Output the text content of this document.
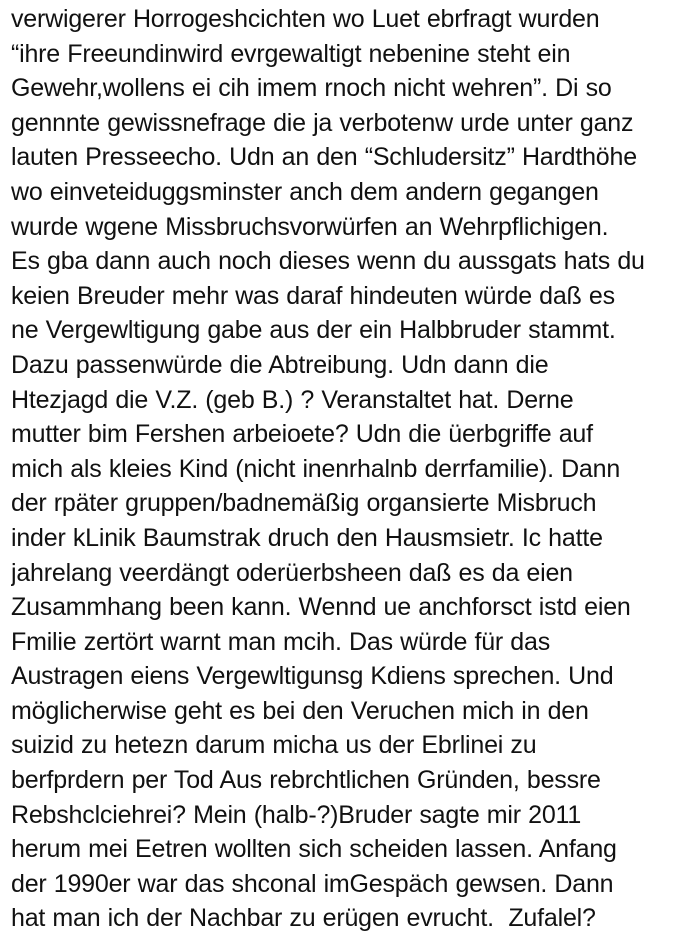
verwigerer Horrogeshcichten wo Luet ebrfragt wurden
“ihre Freeundinwird evrgewaltigt nebenine steht ein
Gewehr,wollens ei cih imem rnoch nicht wehren”. Di so
gennnte gewissnefrage die ja verbotenw urde unter ganz
lauten Presseecho. Udn an den “Schludersitz” Hardthöhe
wo einveteiduggsminster anch dem andern gegangen
wurde wgene Missbruchsvorwürfen an Wehrpflichigen.
Es gba dann auch noch dieses wenn du aussgats hats du
keien Breuder mehr was daraf hindeuten würde daß es
ne Vergewltigung gabe aus der ein Halbbruder stammt.
Dazu passenwürde die Abtreibung. Udn dann die
Htezjagd die V.Z. (geb B.) ? Veranstaltet hat. Derne
mutter bim Fershen arbeioete? Udn die üerbgriffe auf
mich als kleies Kind (nicht inenrhalnb derrfamilie). Dann
der rpäter gruppen/badnemäßig organsierte Misbruch
inder kLinik Baumstrak druch den Hausmsietr. Ic hatte
jahrelang veerdängt oderüerbsheen daß es da eien
Zusammhang been kann. Wennd ue anchforsct istd eien
Fmilie zertört warnt man mcih. Das würde für das
Austragen eiens Vergewltigunsg Kdiens sprechen. Und
möglicherwise geht es bei den Veruchen mich in den
suizid zu hetezn darum micha us der Ebrlinei zu
berfprdern per Tod Aus rebrchtlichen Gründen, bessre
Rebshclciehrei? Mein (halb-?)Bruder sagte mir 2011
herum mei Eetren wollten sich scheiden lassen. Anfang
der 1990er war das shconal imGespäch gewsen. Dann
hat man ich der Nachbar zu erügen evrucht.  Zufalel?
